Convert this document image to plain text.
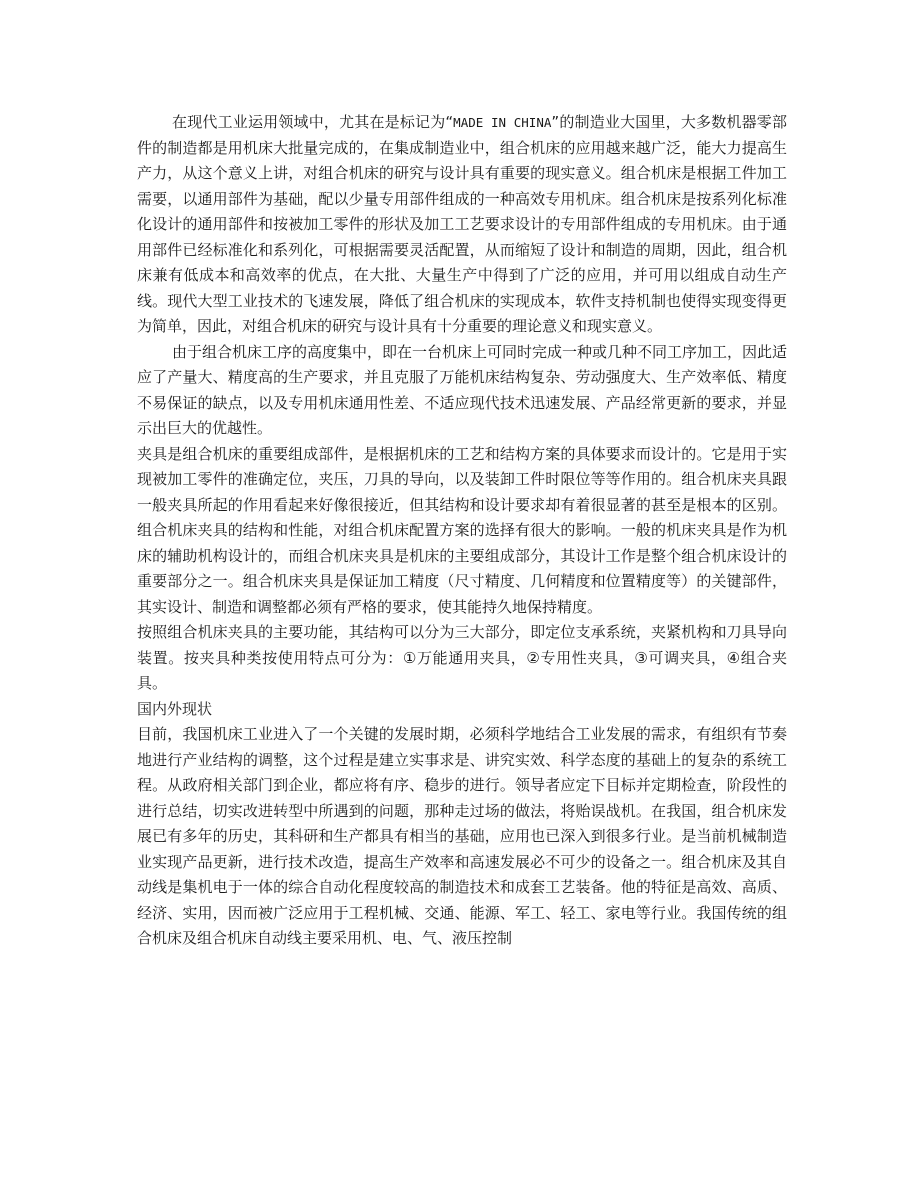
在现代工业运用领域中，尤其在是标记为“MADE IN CHINA”的制造业大国里，大多数机器零部件的制造都是用机床大批量完成的，在集成制造业中，组合机床的应用越来越广泛，能大力提高生产力，从这个意义上讲，对组合机床的研究与设计具有重要的现实意义。组合机床是根据工件加工需要，以通用部件为基础，配以少量专用部件组成的一种高效专用机床。组合机床是按系列化标准化设计的通用部件和按被加工零件的形状及加工工艺要求设计的专用部件组成的专用机床。由于通用部件已经标准化和系列化，可根据需要灵活配置，从而缩短了设计和制造的周期，因此，组合机床兼有低成本和高效率的优点，在大批、大量生产中得到了广泛的应用，并可用以组成自动生产线。现代大型工业技术的飞速发展，降低了组合机床的实现成本，软件支持机制也使得实现变得更为简单，因此，对组合机床的研究与设计具有十分重要的理论意义和现实意义。

由于组合机床工序的高度集中，即在一台机床上可同时完成一种或几种不同工序加工，因此适应了产量大、精度高的生产要求，并且克服了万能机床结构复杂、劳动强度大、生产效率低、精度不易保证的缺点，以及专用机床通用性差、不适应现代技术迅速发展、产品经常更新的要求，并显示出巨大的优越性。

夹具是组合机床的重要组成部件，是根据机床的工艺和结构方案的具体要求而设计的。它是用于实现被加工零件的准确定位，夹压，刀具的导向，以及装卸工件时限位等等作用的。组合机床夹具跟一般夹具所起的作用看起来好像很接近，但其结构和设计要求却有着很显著的甚至是根本的区别。组合机床夹具的结构和性能，对组合机床配置方案的选择有很大的影响。一般的机床夹具是作为机床的辅助机构设计的，而组合机床夹具是机床的主要组成部分，其设计工作是整个组合机床设计的重要部分之一。组合机床夹具是保证加工精度（尺寸精度、几何精度和位置精度等）的关键部件，其实设计、制造和调整都必须有严格的要求，使其能持久地保持精度。

按照组合机床夹具的主要功能，其结构可以分为三大部分，即定位支承系统，夹紧机构和刀具导向装置。按夹具种类按使用特点可分为：①万能通用夹具，②专用性夹具，③可调夹具，④组合夹具。

国内外现状

目前，我国机床工业进入了一个关键的发展时期，必须科学地结合工业发展的需求，有组织有节奏地进行产业结构的调整，这个过程是建立实事求是、讲究实效、科学态度的基础上的复杂的系统工程。从政府相关部门到企业，都应将有序、稳步的进行。领导者应定下目标并定期检查，阶段性的进行总结，切实改进转型中所遇到的问题，那种走过场的做法，将贻误战机。在我国，组合机床发展已有多年的历史，其科研和生产都具有相当的基础，应用也已深入到很多行业。是当前机械制造业实现产品更新，进行技术改造，提高生产效率和高速发展必不可少的设备之一。组合机床及其自动线是集机电于一体的综合自动化程度较高的制造技术和成套工艺装备。他的特征是高效、高质、经济、实用，因而被广泛应用于工程机械、交通、能源、军工、轻工、家电等行业。我国传统的组合机床及组合机床自动线主要采用机、电、气、液压控制
